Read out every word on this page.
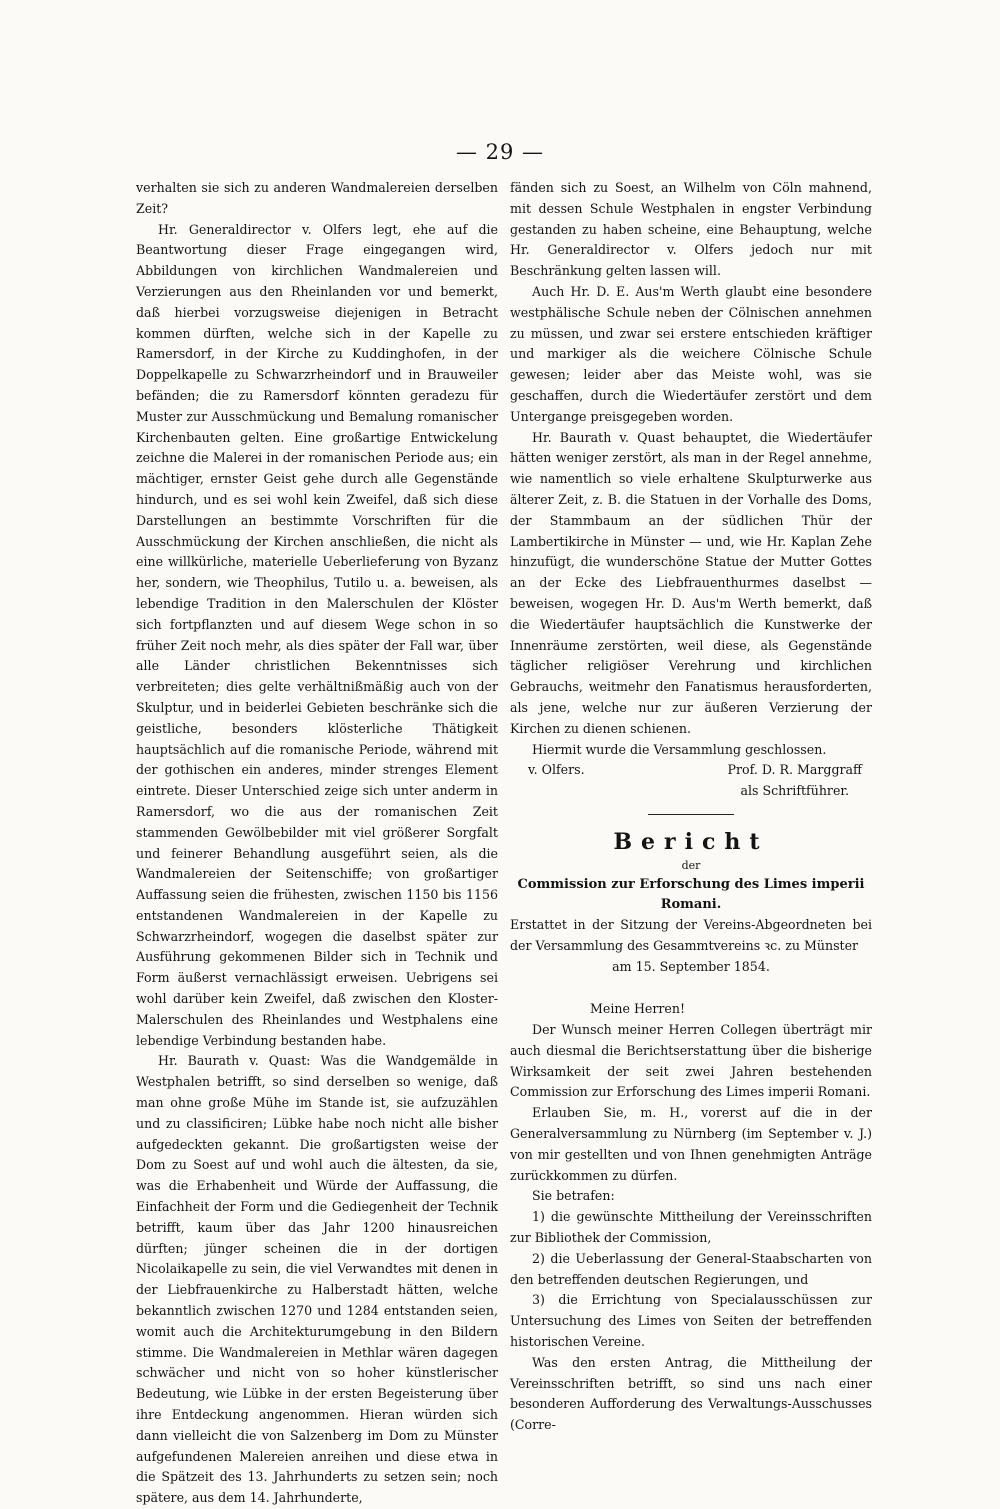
— 29 —

verhalten sie sich zu anderen Wandmalereien derselben Zeit?

Hr. Generaldirector v. Olfers legt, ehe auf die Beantwortung dieser Frage eingegangen wird, Abbildungen von kirchlichen Wandmalereien und Verzierungen aus den Rheinlanden vor und bemerkt, daß hierbei vorzugsweise diejenigen in Betracht kommen dürften, welche sich in der Kapelle zu Ramersdorf, in der Kirche zu Kuddinghofen, in der Doppelkapelle zu Schwarzrheindorf und in Brauweiler befänden; die zu Ramersdorf könnten geradezu für Muster zur Ausschmückung und Bemalung romanischer Kirchenbauten gelten. Eine großartige Entwickelung zeichne die Malerei in der romanischen Periode aus; ein mächtiger, ernster Geist gehe durch alle Gegenstände hindurch, und es sei wohl kein Zweifel, daß sich diese Darstellungen an bestimmte Vorschriften für die Ausschmückung der Kirchen anschließen, die nicht als eine willkürliche, materielle Ueberlieferung von Byzanz her, sondern, wie Theophilus, Tutilo u. a. beweisen, als lebendige Tradition in den Malerschulen der Klöster sich fortpflanzten und auf diesem Wege schon in so früher Zeit noch mehr, als dies später der Fall war, über alle Länder christlichen Bekenntnisses sich verbreiteten; dies gelte verhältnißmäßig auch von der Skulptur, und in beiderlei Gebieten beschränke sich die geistliche, besonders klösterliche Thätigkeit hauptsächlich auf die romanische Periode, während mit der gothischen ein anderes, minder strenges Element eintrete. Dieser Unterschied zeige sich unter anderm in Ramersdorf, wo die aus der romanischen Zeit stammenden Gewölbebilder mit viel größerer Sorgfalt und feinerer Behandlung ausgeführt seien, als die Wandmalereien der Seitenschiffe; von großartiger Auffassung seien die frühesten, zwischen 1150 bis 1156 entstandenen Wandmalereien in der Kapelle zu Schwarzrheindorf, wogegen die daselbst später zur Ausführung gekommenen Bilder sich in Technik und Form äußerst vernachlässigt erweisen. Uebrigens sei wohl darüber kein Zweifel, daß zwischen den Kloster-Malerschulen des Rheinlandes und Westphalens eine lebendige Verbindung bestanden habe.

Hr. Baurath v. Quast: Was die Wandgemälde in Westphalen betrifft, so sind derselben so wenige, daß man ohne große Mühe im Stande ist, sie aufzuzählen und zu classificiren; Lübke habe noch nicht alle bisher aufgedeckten gekannt. Die großartigsten weise der Dom zu Soest auf und wohl auch die ältesten, da sie, was die Erhabenheit und Würde der Auffassung, die Einfachheit der Form und die Gediegenheit der Technik betrifft, kaum über das Jahr 1200 hinausreichen dürften; jünger scheinen die in der dortigen Nicolaikapelle zu sein, die viel Verwandtes mit denen in der Liebfrauenkirche zu Halberstadt hätten, welche bekanntlich zwischen 1270 und 1284 entstanden seien, womit auch die Architekturumgebung in den Bildern stimme. Die Wandmalereien in Methlar wären dagegen schwächer und nicht von so hoher künstlerischer Bedeutung, wie Lübke in der ersten Begeisterung über ihre Entdeckung angenommen. Hieran würden sich dann vielleicht die von Salzenberg im Dom zu Münster aufgefundenen Malereien anreihen und diese etwa in die Spätzeit des 13. Jahrhunderts zu setzen sein; noch spätere, aus dem 14. Jahrhunderte,

fänden sich zu Soest, an Wilhelm von Cöln mahnend, mit dessen Schule Westphalen in engster Verbindung gestanden zu haben scheine, eine Behauptung, welche Hr. Generaldirector v. Olfers jedoch nur mit Beschränkung gelten lassen will.

Auch Hr. D. E. Aus'm Werth glaubt eine besondere westphälische Schule neben der Cölnischen annehmen zu müssen, und zwar sei erstere entschieden kräftiger und markiger als die weichere Cölnische Schule gewesen; leider aber das Meiste wohl, was sie geschaffen, durch die Wiedertäufer zerstört und dem Untergange preisgegeben worden.

Hr. Baurath v. Quast behauptet, die Wiedertäufer hätten weniger zerstört, als man in der Regel annehme, wie namentlich so viele erhaltene Skulpturwerke aus älterer Zeit, z. B. die Statuen in der Vorhalle des Doms, der Stammbaum an der südlichen Thür der Lambertikirche in Münster — und, wie Hr. Kaplan Zehe hinzufügt, die wunderschöne Statue der Mutter Gottes an der Ecke des Liebfrauenthurmes daselbst — beweisen, wogegen Hr. D. Aus'm Werth bemerkt, daß die Wiedertäufer hauptsächlich die Kunstwerke der Innenräume zerstörten, weil diese, als Gegenstände täglicher religiöser Verehrung und kirchlichen Gebrauchs, weitmehr den Fanatismus herausforderten, als jene, welche nur zur äußeren Verzierung der Kirchen zu dienen schienen.

Hiermit wurde die Versammlung geschlossen.

v. Olfers.	Prof. D. R. Marggraff
als Schriftführer.
Bericht
der
Commission zur Erforschung des Limes imperii
Romani.

Erstattet in der Sitzung der Vereins-Abgeordneten bei der Versammlung des Gesammtvereins ꝛc. zu Münster

am 15. September 1854.

Meine Herren!

Der Wunsch meiner Herren Collegen überträgt mir auch diesmal die Berichtserstattung über die bisherige Wirksamkeit der seit zwei Jahren bestehenden Commission zur Erforschung des Limes imperii Romani.

Erlauben Sie, m. H., vorerst auf die in der Generalversammlung zu Nürnberg (im September v. J.) von mir gestellten und von Ihnen genehmigten Anträge zurückkommen zu dürfen.

Sie betrafen:

1) die gewünschte Mittheilung der Vereinsschriften zur Bibliothek der Commission,

2) die Ueberlassung der General-Staabscharten von den betreffenden deutschen Regierungen, und

3) die Errichtung von Specialausschüssen zur Untersuchung des Limes von Seiten der betreffenden historischen Vereine.

Was den ersten Antrag, die Mittheilung der Vereinsschriften betrifft, so sind uns nach einer besonderen Aufforderung des Verwaltungs-Ausschusses (Corre-
